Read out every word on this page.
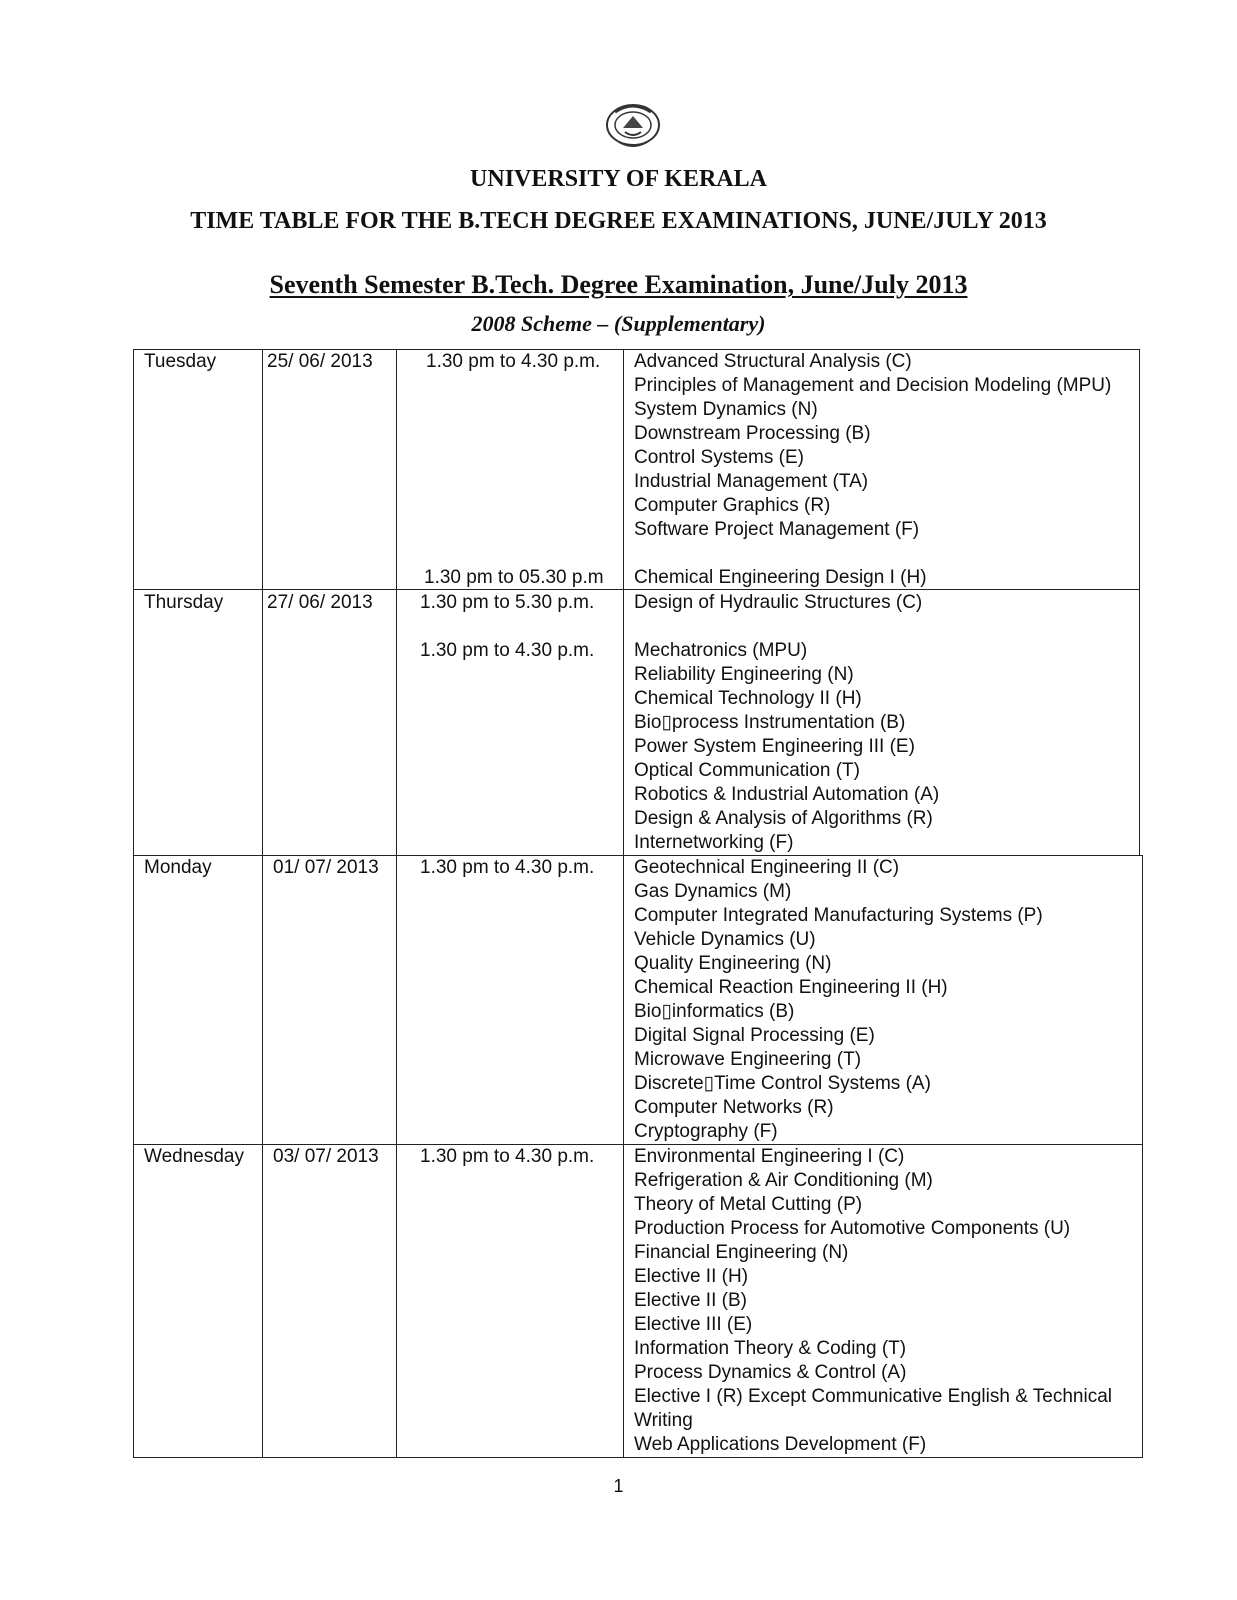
UNIVERSITY OF KERALA
TIME TABLE FOR THE B.TECH DEGREE EXAMINATIONS, JUNE/JULY 2013
Seventh Semester B.Tech. Degree Examination, June/July 2013
2008 Scheme – (Supplementary)
Tuesday	25/ 06/ 2013	1.30 pm to 4.30 p.m. Advanced Structural Analysis (C)
Principles of Management and Decision Modeling (MPU)
System Dynamics (N)
Downstream Processing (B)
Control Systems (E)
Industrial Management (TA)
Computer Graphics (R)
Software Project Management (F)
1.30 pm to 05.30 p.m Chemical Engineering Design I (H)
Thursday 27/ 06/ 2013 1.30 pm to 5.30 p.m. Design of Hydraulic Structures (C)
1.30 pm to 4.30 p.m. Mechatronics (MPU)
Reliability Engineering (N)
Chemical Technology II (H)
Bio▯process Instrumentation (B)
Power System Engineering III (E)
Optical Communication (T)
Robotics & Industrial Automation (A)
Design & Analysis of Algorithms (R)
Internetworking (F)
Monday	01/ 07/ 2013 1.30 pm to 4.30 p.m. Geotechnical Engineering II (C)
Gas Dynamics (M)
Computer Integrated Manufacturing Systems (P)
Vehicle Dynamics (U)
Quality Engineering (N)
Chemical Reaction Engineering II (H)
Bio▯informatics (B)
Digital Signal Processing (E)
Microwave Engineering (T)
Discrete▯Time Control Systems (A)
Computer Networks (R)
Cryptography (F)
Wednesday 03/ 07/ 2013 1.30 pm to 4.30 p.m. Environmental Engineering I (C)
Refrigeration & Air Conditioning (M)
Theory of Metal Cutting (P)
Production Process for Automotive Components (U)
Financial Engineering (N)
Elective II (H)
Elective II (B)
Elective III (E)
Information Theory & Coding (T)
Process Dynamics & Control (A)
Elective I (R) Except Communicative English & Technical
Writing
Web Applications Development (F)
1
